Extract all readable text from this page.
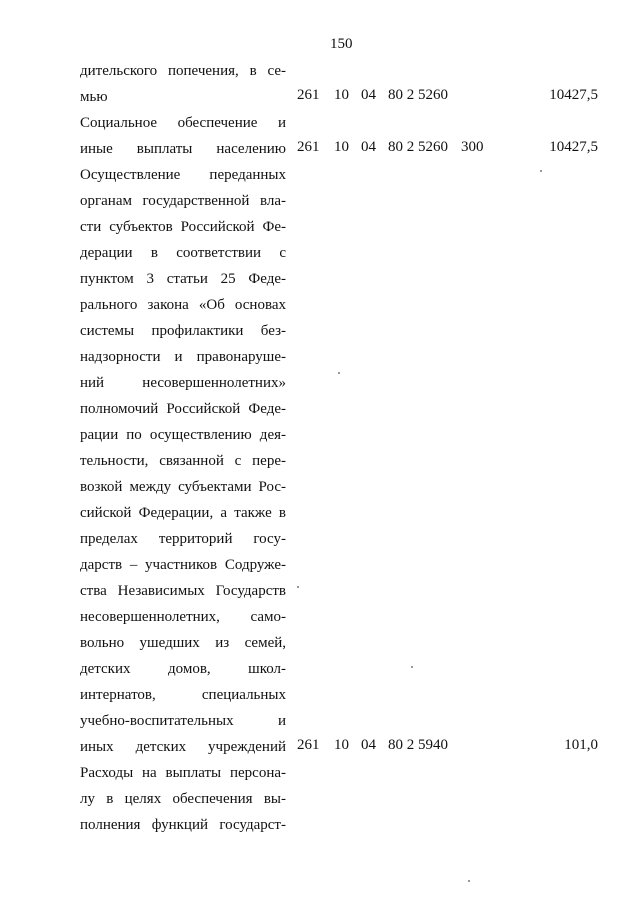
150
дительского попечения, в се-
мью	261 10 04 80 2 5260	10427,5
Социальное обеспечение и
иные выплаты населению 261 10 04 80 2 5260 300	10427,5
Осуществление переданных
органам государственной вла-
сти субъектов Российской Фе-
дерации в соответствии с
пунктом 3 статьи 25 Феде-
рального закона «Об основах
системы профилактики без-
надзорности и правонаруше-
ний несовершеннолетних»
полномочий Российской Феде-
рации по осуществлению дея-
тельности, связанной с пере-
возкой между субъектами Рос-
сийской Федерации, а также в
пределах территорий госу-
дарств – участников Содруже-
ства Независимых Государств
несовершеннолетних, само-
вольно ушедших из семей,
детских домов, школ-
интернатов, специальных
учебно-воспитательных и
иных детских учреждений 261 10 04 80 2 5940	101,0
Расходы на выплаты персона-
лу в целях обеспечения вы-
полнения функций государст-
